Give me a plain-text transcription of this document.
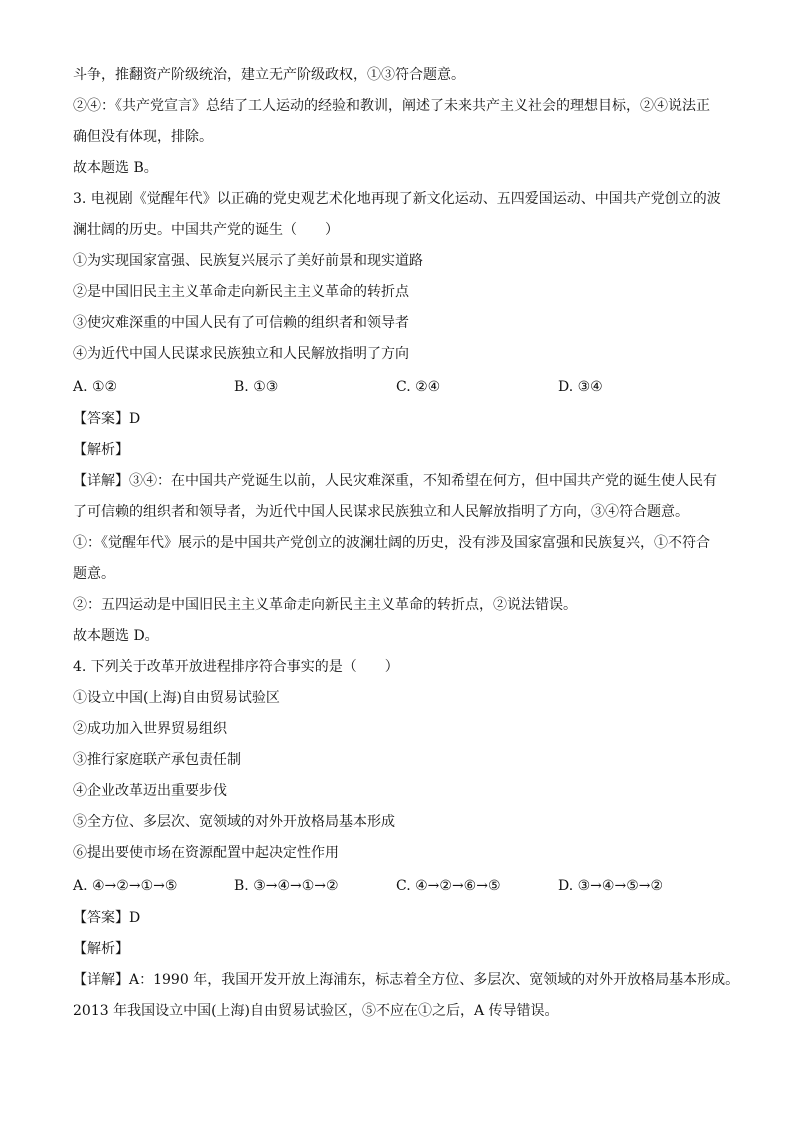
斗争，推翻资产阶级统治，建立无产阶级政权，①③符合题意。
②④：《共产党宣言》总结了工人运动的经验和教训，阐述了未来共产主义社会的理想目标，②④说法正
确但没有体现，排除。
故本题选 B。
3. 电视剧《觉醒年代》以正确的党史观艺术化地再现了新文化运动、五四爱国运动、中国共产党创立的波
澜壮阔的历史。中国共产党的诞生（　　）
①为实现国家富强、民族复兴展示了美好前景和现实道路
②是中国旧民主主义革命走向新民主主义革命的转折点
③使灾难深重的中国人民有了可信赖的组织者和领导者
④为近代中国人民谋求民族独立和人民解放指明了方向
A. ①②	B. ①③	C. ②④	D. ③④
【答案】D
【解析】
【详解】③④：在中国共产党诞生以前，人民灾难深重，不知希望在何方，但中国共产党的诞生使人民有
了可信赖的组织者和领导者，为近代中国人民谋求民族独立和人民解放指明了方向，③④符合题意。
①：《觉醒年代》展示的是中国共产党创立的波澜壮阔的历史，没有涉及国家富强和民族复兴，①不符合
题意。
②：五四运动是中国旧民主主义革命走向新民主主义革命的转折点，②说法错误。
故本题选 D。
4. 下列关于改革开放进程排序符合事实的是（　　）
①设立中国(上海)自由贸易试验区
②成功加入世界贸易组织
③推行家庭联产承包责任制
④企业改革迈出重要步伐
⑤全方位、多层次、宽领域的对外开放格局基本形成
⑥提出要使市场在资源配置中起决定性作用
A. ④→②→①→⑤	B. ③→④→①→②	C. ④→②→⑥→⑤	D. ③→④→⑤→②
【答案】D
【解析】
【详解】A：1990 年，我国开发开放上海浦东，标志着全方位、多层次、宽领域的对外开放格局基本形成。
2013 年我国设立中国(上海)自由贸易试验区，⑤不应在①之后，A 传导错误。
